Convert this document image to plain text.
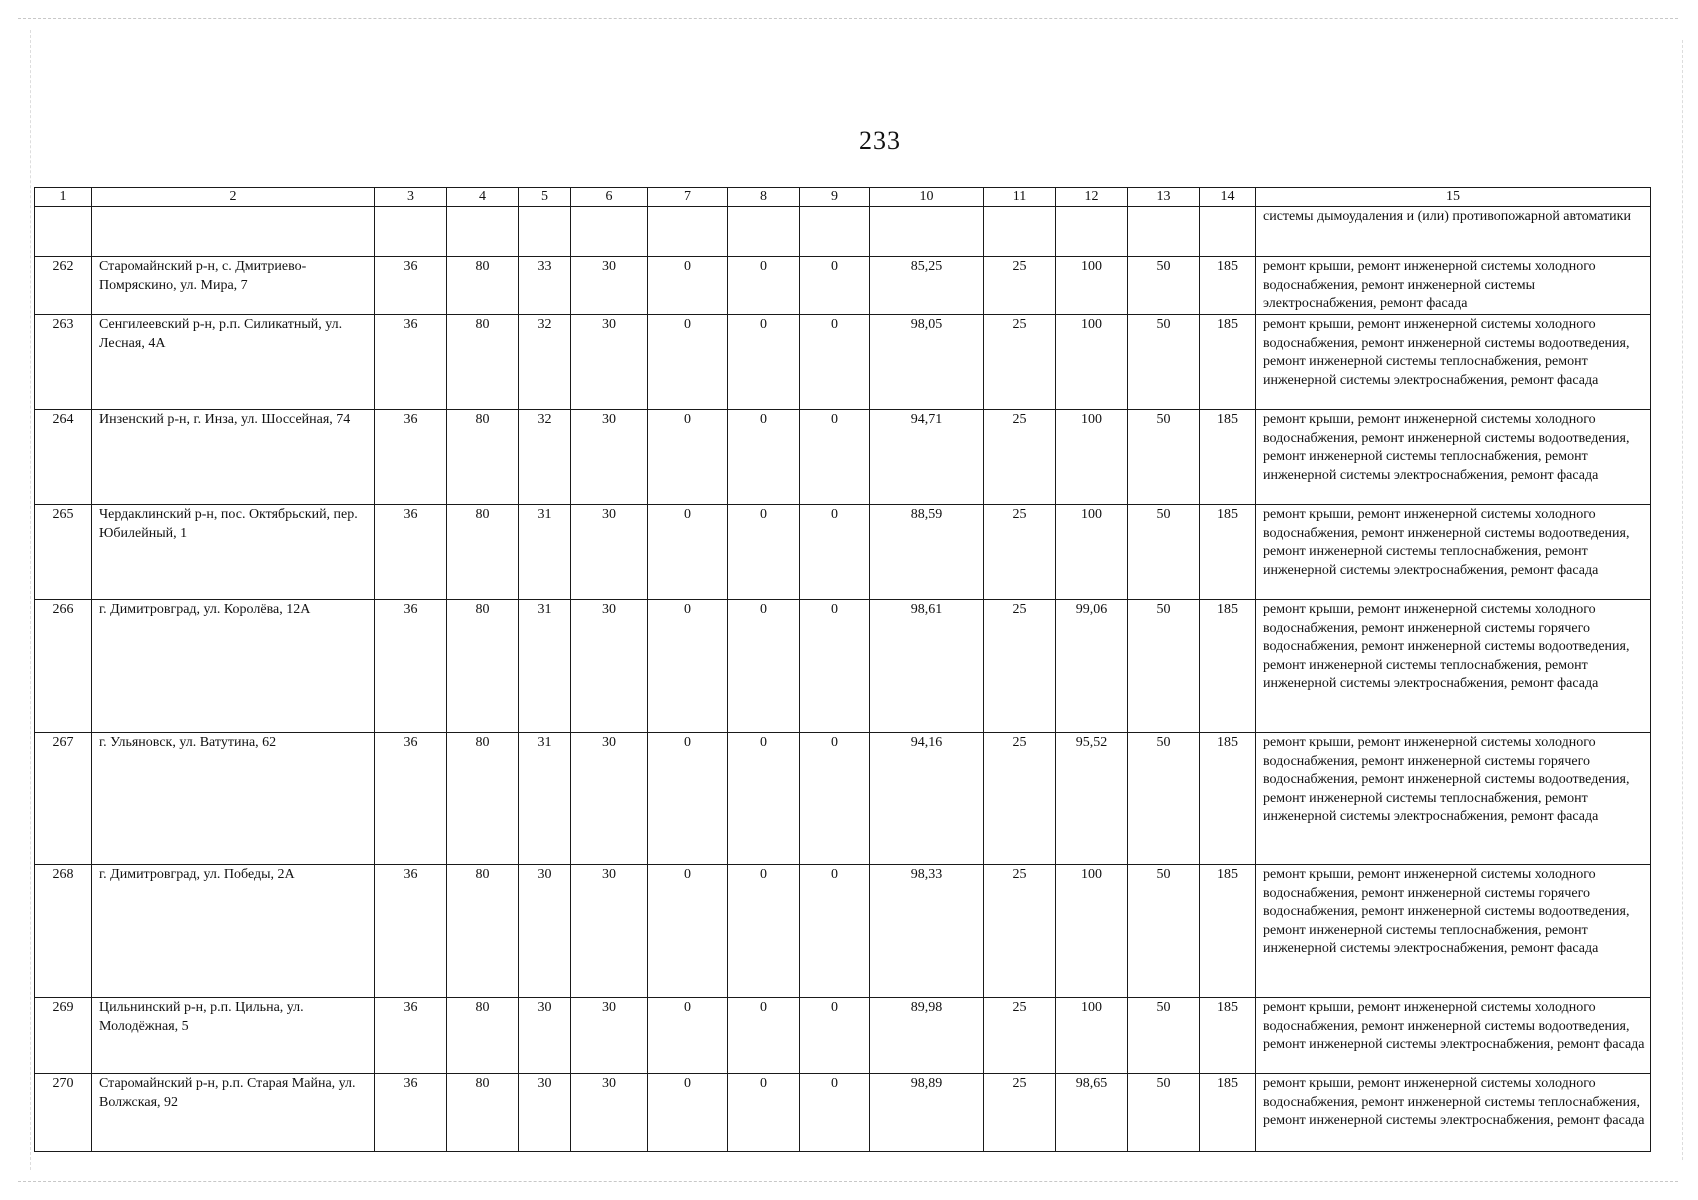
233
1	2	3	4	5	6	7	8	9	10	11	12	13	14	15
														системы дымоудаления и (или) противопожарной автоматики
262	Старомайнский р-н, с. Дмитриево-Помряскино, ул. Мира, 7	36	80	33	30	0	0	0	85,25	25	100	50	185	ремонт крыши, ремонт инженерной системы холодного водоснабжения, ремонт инженерной системы электроснабжения, ремонт фасада
263	Сенгилеевский р-н, р.п. Силикатный, ул. Лесная, 4А	36	80	32	30	0	0	0	98,05	25	100	50	185	ремонт крыши, ремонт инженерной системы холодного водоснабжения, ремонт инженерной системы водоотведения, ремонт инженерной системы теплоснабжения, ремонт инженерной системы электроснабжения, ремонт фасада
264	Инзенский р-н, г. Инза, ул. Шоссейная, 74	36	80	32	30	0	0	0	94,71	25	100	50	185	ремонт крыши, ремонт инженерной системы холодного водоснабжения, ремонт инженерной системы водоотведения, ремонт инженерной системы теплоснабжения, ремонт инженерной системы электроснабжения, ремонт фасада
265	Чердаклинский р-н, пос. Октябрьский, пер. Юбилейный, 1	36	80	31	30	0	0	0	88,59	25	100	50	185	ремонт крыши, ремонт инженерной системы холодного водоснабжения, ремонт инженерной системы водоотведения, ремонт инженерной системы теплоснабжения, ремонт инженерной системы электроснабжения, ремонт фасада
266	г. Димитровград, ул. Королёва, 12А	36	80	31	30	0	0	0	98,61	25	99,06	50	185	ремонт крыши, ремонт инженерной системы холодного водоснабжения, ремонт инженерной системы горячего водоснабжения, ремонт инженерной системы водоотведения, ремонт инженерной системы теплоснабжения, ремонт инженерной системы электроснабжения, ремонт фасада
267	г. Ульяновск, ул. Ватутина, 62	36	80	31	30	0	0	0	94,16	25	95,52	50	185	ремонт крыши, ремонт инженерной системы холодного водоснабжения, ремонт инженерной системы горячего водоснабжения, ремонт инженерной системы водоотведения, ремонт инженерной системы теплоснабжения, ремонт инженерной системы электроснабжения, ремонт фасада
268	г. Димитровград, ул. Победы, 2А	36	80	30	30	0	0	0	98,33	25	100	50	185	ремонт крыши, ремонт инженерной системы холодного водоснабжения, ремонт инженерной системы горячего водоснабжения, ремонт инженерной системы водоотведения, ремонт инженерной системы теплоснабжения, ремонт инженерной системы электроснабжения, ремонт фасада
269	Цильнинский р-н, р.п. Цильна, ул. Молодёжная, 5	36	80	30	30	0	0	0	89,98	25	100	50	185	ремонт крыши, ремонт инженерной системы холодного водоснабжения, ремонт инженерной системы водоотведения, ремонт инженерной системы электроснабжения, ремонт фасада
270	Старомайнский р-н, р.п. Старая Майна, ул. Волжская, 92	36	80	30	30	0	0	0	98,89	25	98,65	50	185	ремонт крыши, ремонт инженерной системы холодного водоснабжения, ремонт инженерной системы теплоснабжения, ремонт инженерной системы электроснабжения, ремонт фасада
